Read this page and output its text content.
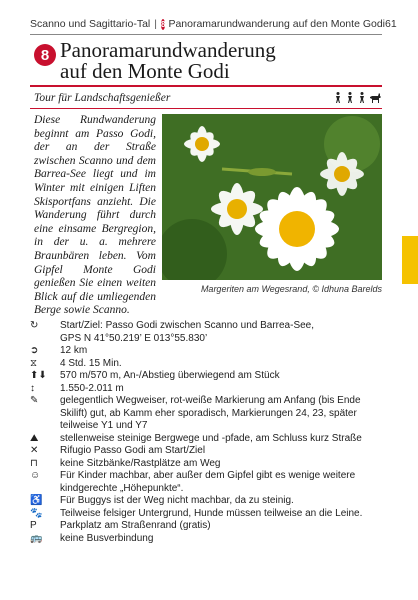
Scanno und Sagittario-Tal | 8 Panoramarundwanderung auf den Monte Godi 61
8 Panoramarundwanderung
auf den Monte Godi
Tour für Landschaftsgenießer
Diese Rundwanderung beginnt am Passo Godi, der an der Straße zwischen Scanno und dem Barrea-See liegt und im Winter mit einigen Liften Skisportfans anzieht. Die Wanderung führt durch eine einsame Bergregion, in der u. a. mehrere Braunbären leben. Vom Gipfel Monte Godi genießen Sie einen weiten Blick auf die umliegenden Berge sowie Scanno.
Margeriten am Wegesrand, © Idhuna Barelds
↻	Start/Ziel: Passo Godi zwischen Scanno und Barrea-See,
GPS N 41°50.219’ E 013°55.830’
➲	12 km
⧖	4 Std. 15 Min.
⬆⬇	570 m/570 m, An-/Abstieg überwiegend am Stück
↕	1.550-2.011 m
✎	gelegentlich Wegweiser, rot-weiße Markierung am Anfang (bis Ende Skilift) gut, ab Kamm eher sporadisch, Markierungen 24, 23, später teilweise Y1 und Y7
⛰	stellenweise steinige Bergwege und -pfade, am Schluss kurz Straße
✕	Rifugio Passo Godi am Start/Ziel
⊓	keine Sitzbänke/Rastplätze am Weg
☺	Für Kinder machbar, aber außer dem Gipfel gibt es wenige weitere kindgerechte „Höhepunkte“.
♿	Für Buggys ist der Weg nicht machbar, da zu steinig.
🐾	Teilweise felsiger Untergrund, Hunde müssen teilweise an die Leine.
P	Parkplatz am Straßenrand (gratis)
🚌	keine Busverbindung
